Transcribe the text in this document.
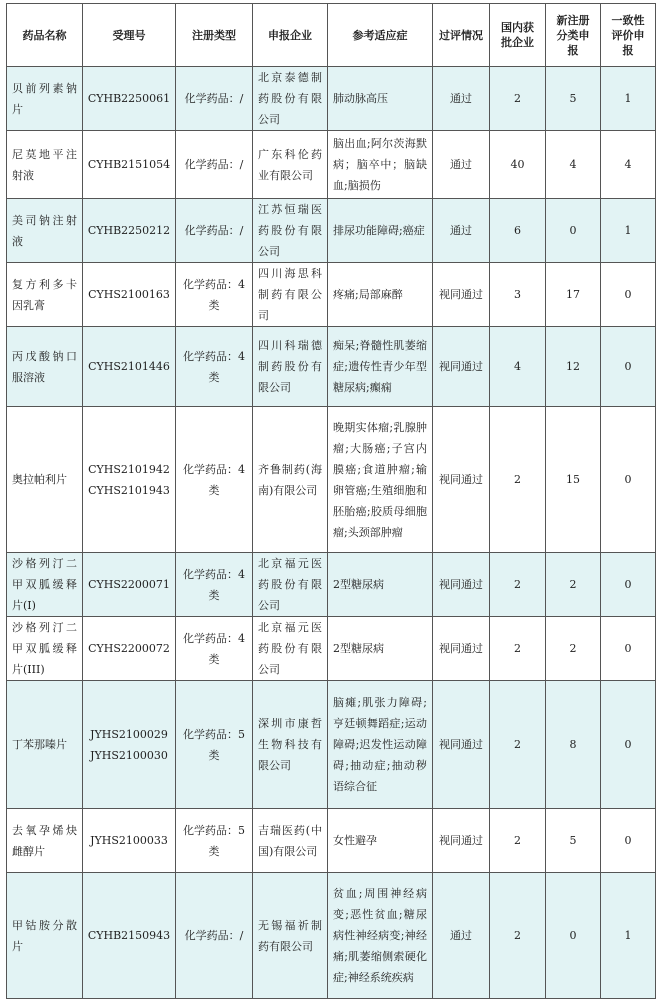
药品名称	受理号	注册类型	申报企业	参考适应症	过评情况	国内获批企业	新注册分类申报	一致性评价申报
贝前列素钠片	CYHB2250061	化学药品：/	北京泰德制药股份有限公司	肺动脉高压	通过	2	5	1
尼莫地平注射液	CYHB2151054	化学药品：/	广东科伦药业有限公司	脑出血;阿尔茨海默病；脑卒中；脑缺血;脑损伤	通过	40	4	4
美司钠注射液	CYHB2250212	化学药品：/	江苏恒瑞医药股份有限公司	排尿功能障碍;癌症	通过	6	0	1
复方利多卡因乳膏	CYHS2100163	化学药品：4类	四川海思科制药有限公司	疼痛;局部麻醉	视同通过	3	17	0
丙戊酸钠口服溶液	CYHS2101446	化学药品：4类	四川科瑞德制药股份有限公司	痴呆;脊髓性肌萎缩症;遗传性青少年型糖尿病;癫痫	视同通过	4	12	0
奥拉帕利片	CYHS2101942 CYHS2101943	化学药品：4类	齐鲁制药(海南)有限公司	晚期实体瘤;乳腺肿瘤;大肠癌;子宫内膜癌;食道肿瘤;输卵管癌;生殖细胞和胚胎癌;胶质母细胞瘤;头颈部肿瘤	视同通过	2	15	0
沙格列汀二甲双胍缓释片(Ⅰ)	CYHS2200071	化学药品：4类	北京福元医药股份有限公司	2型糖尿病	视同通过	2	2	0
沙格列汀二甲双胍缓释片(III)	CYHS2200072	化学药品：4类	北京福元医药股份有限公司	2型糖尿病	视同通过	2	2	0
丁苯那嗪片	JYHS2100029 JYHS2100030	化学药品：5类	深圳市康哲生物科技有限公司	脑瘫;肌张力障碍;亨廷顿舞蹈症;运动障碍;迟发性运动障碍;抽动症;抽动秽语综合征	视同通过	2	8	0
去氧孕烯炔雌醇片	JYHS2100033	化学药品：5类	吉瑞医药(中国)有限公司	女性避孕	视同通过	2	5	0
甲钴胺分散片	CYHB2150943	化学药品：/	无锡福祈制药有限公司	贫血;周围神经病变;恶性贫血;糖尿病性神经病变;神经痛;肌萎缩侧索硬化症;神经系统疾病	通过	2	0	1
